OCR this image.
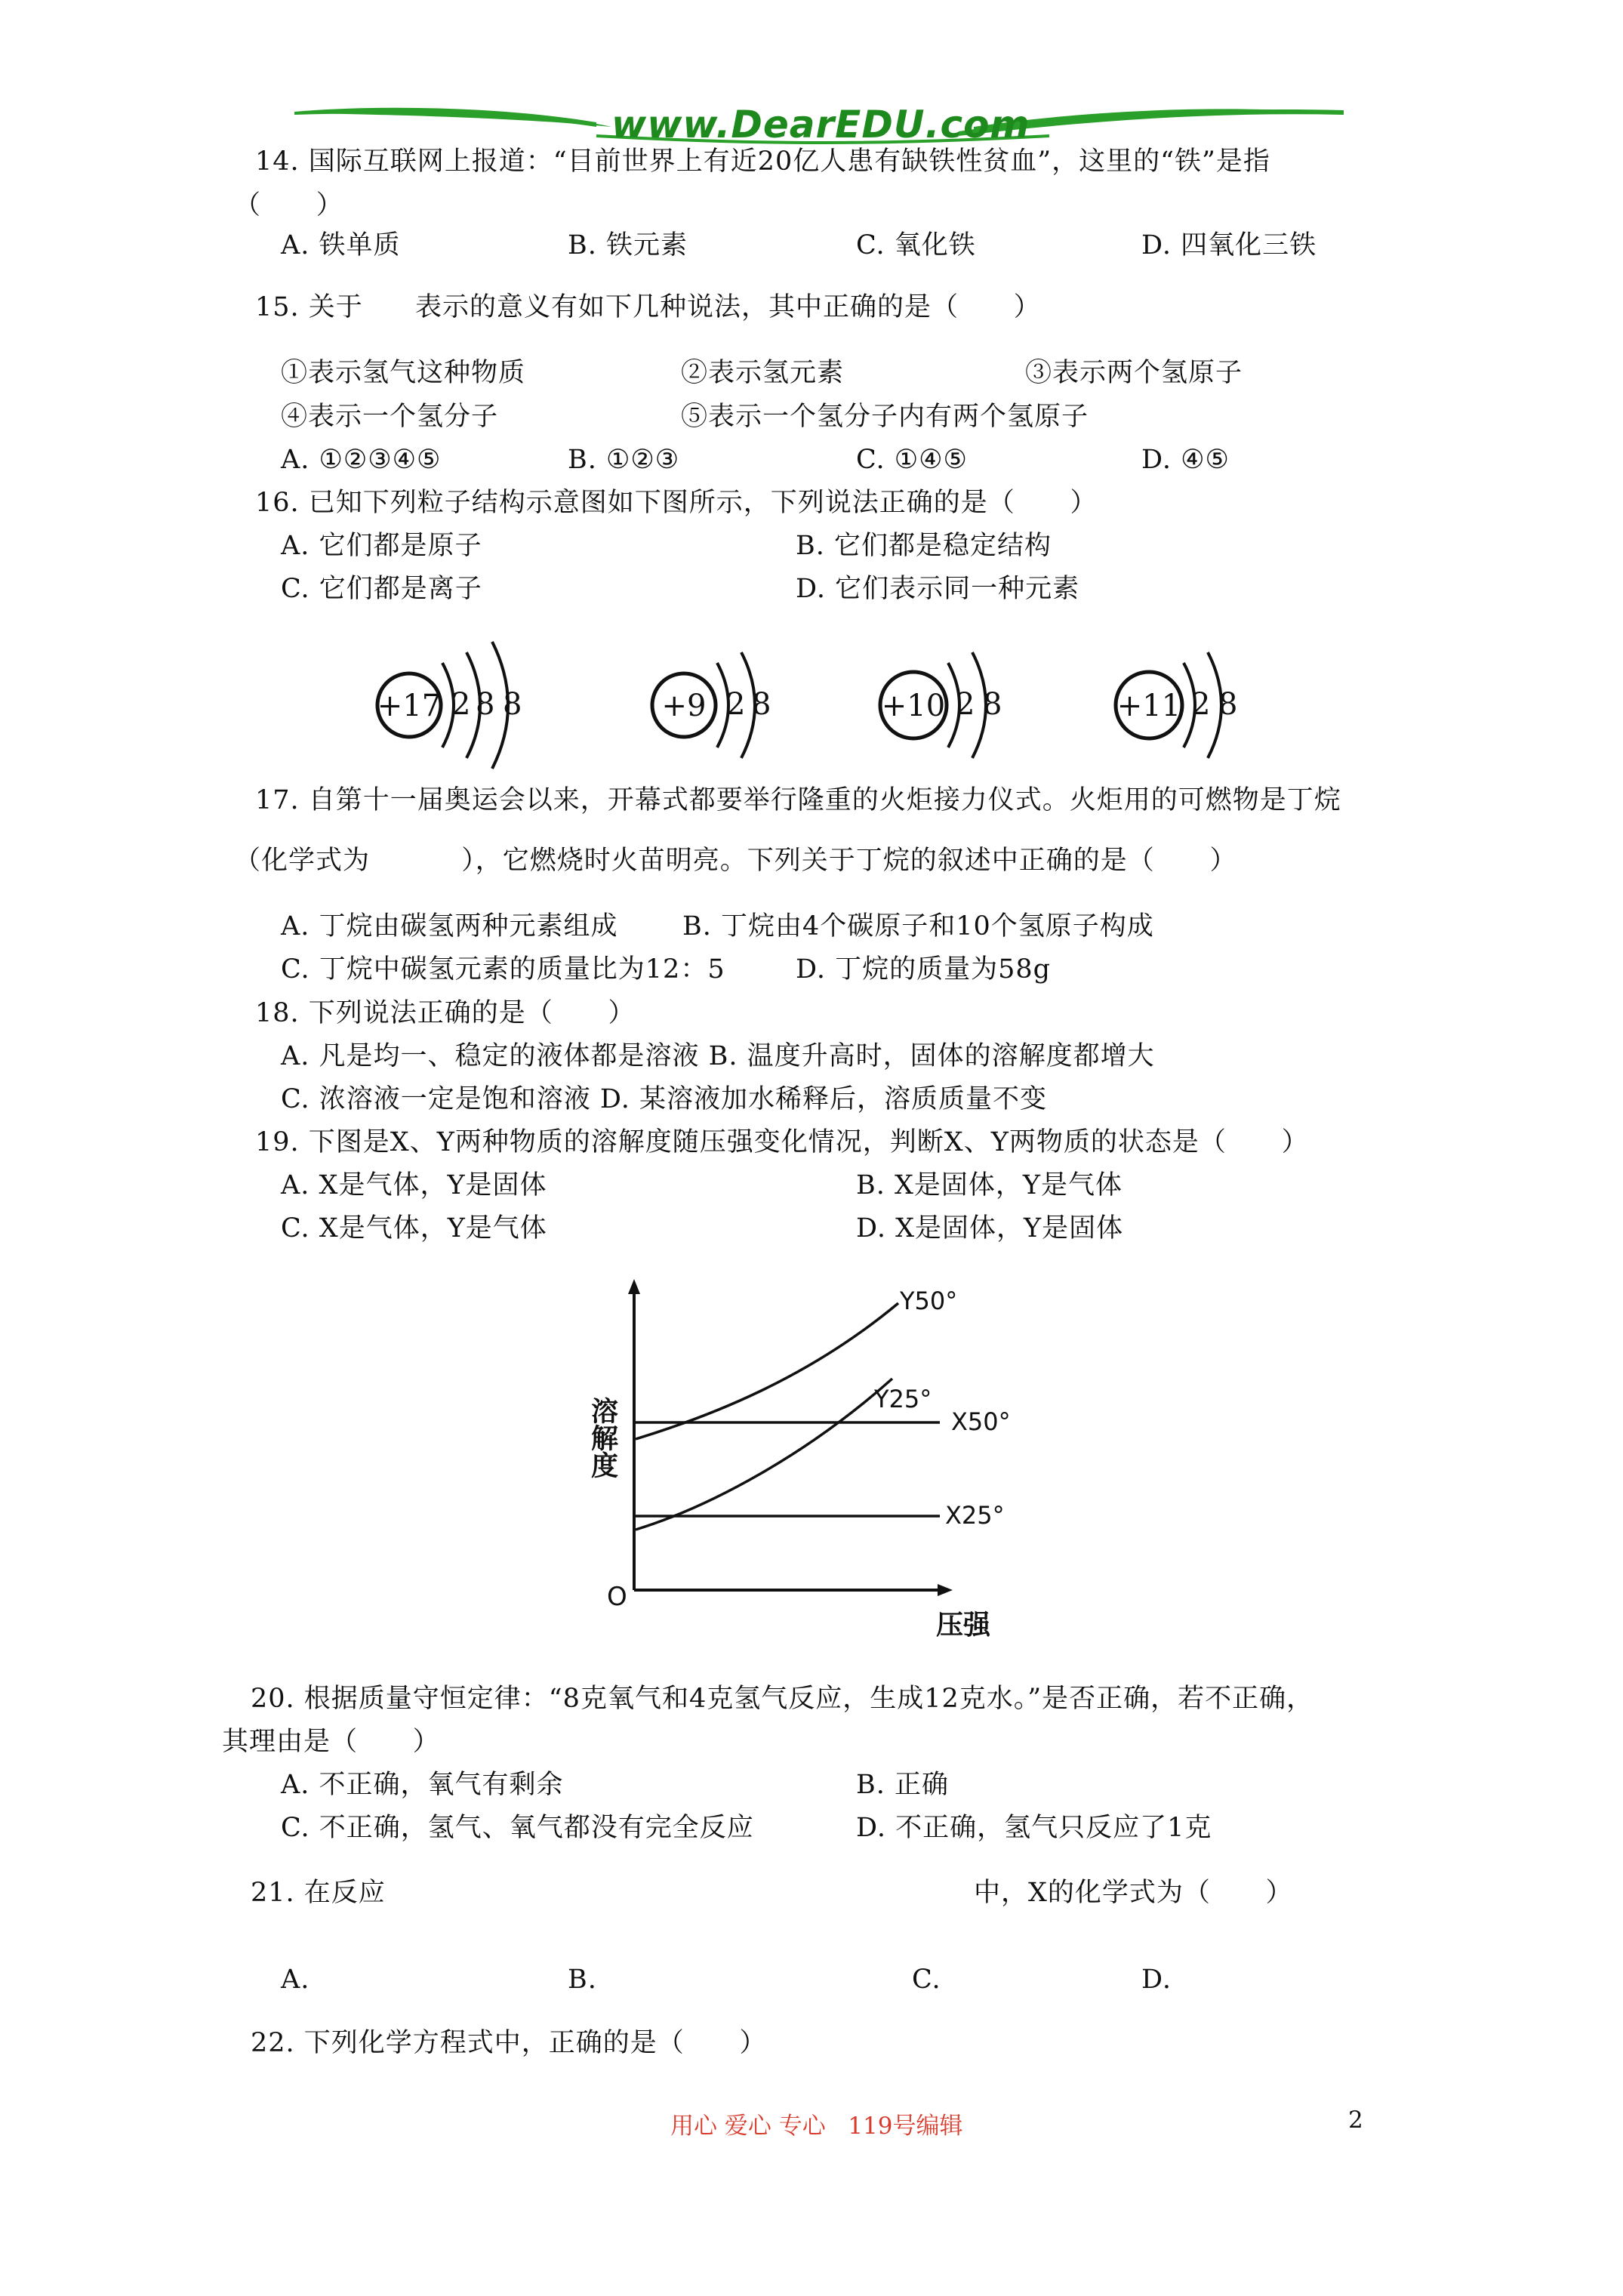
www.DearEDU.com
14. 国际互联网上报道：“目前世界上有近20亿人患有缺铁性贫血”，这里的“铁”是指
（      ）
A. 铁单质	B. 铁元素	C. 氧化铁	D. 四氧化三铁
15. 关于 表示的意义有如下几种说法，其中正确的是（      ）
①表示氢气这种物质	②表示氢元素	③表示两个氢原子
④表示一个氢分子	⑤表示一个氢分子内有两个氢原子
A. ①②③④⑤	B. ①②③	C. ①④⑤	D. ④⑤
16. 已知下列粒子结构示意图如下图所示，下列说法正确的是（      ）
A. 它们都是原子	B. 它们都是稳定结构
C. 它们都是离子	D. 它们表示同一种元素
+17 2 8 8	+9 2 8	+10 2 8	+11 2 8
17. 自第十一届奥运会以来，开幕式都要举行隆重的火炬接力仪式。火炬用的可燃物是丁烷
（化学式为          ），它燃烧时火苗明亮。下列关于丁烷的叙述中正确的是（      ）
A. 丁烷由碳氢两种元素组成 B. 丁烷由4个碳原子和10个氢原子构成
C. 丁烷中碳氢元素的质量比为12：5	D. 丁烷的质量为58g
18. 下列说法正确的是（      ）
A. 凡是均一、稳定的液体都是溶液 B. 温度升高时，固体的溶解度都增大
C. 浓溶液一定是饱和溶液 D. 某溶液加水稀释后，溶质质量不变
19. 下图是X、Y两种物质的溶解度随压强变化情况，判断X、Y两物质的状态是（      ）
A. X是气体，Y是固体	B. X是固体，Y是气体
C. X是气体，Y是气体	D. X是固体，Y是固体
溶解度
压强
O
Y50°
Y25°
X50°
X25°
20. 根据质量守恒定律：“8克氧气和4克氢气反应，生成12克水。”是否正确，若不正确，
其理由是（      ）
A. 不正确，氧气有剩余	B. 正确
C. 不正确，氢气、氧气都没有完全反应	D. 不正确，氢气只反应了1克
21. 在反应	中，X的化学式为（      ）
A.	B.	C.	D.
22. 下列化学方程式中，正确的是（      ）
用心 爱心 专心   119号编辑	2
